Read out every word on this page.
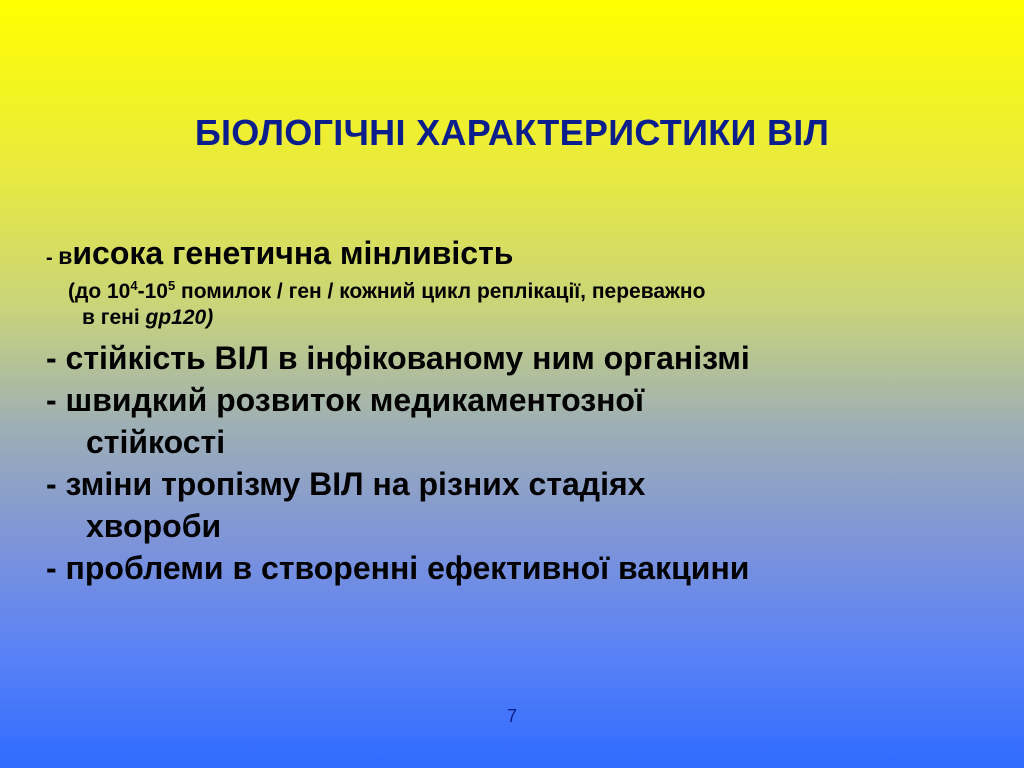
БІОЛОГІЧНІ ХАРАКТЕРИСТИКИ ВІЛ
- висока генетична мінливість
(до $10^4-10^5$ помилок / ген / кожний цикл реплікації, переважно
в гені gp120)
- стійкість ВІЛ в інфікованому ним організмі
- швидкий розвиток медикаментозної
стійкості
- зміни тропізму ВІЛ на різних стадіях
хвороби
- проблеми в створенні ефективної вакцини
7
